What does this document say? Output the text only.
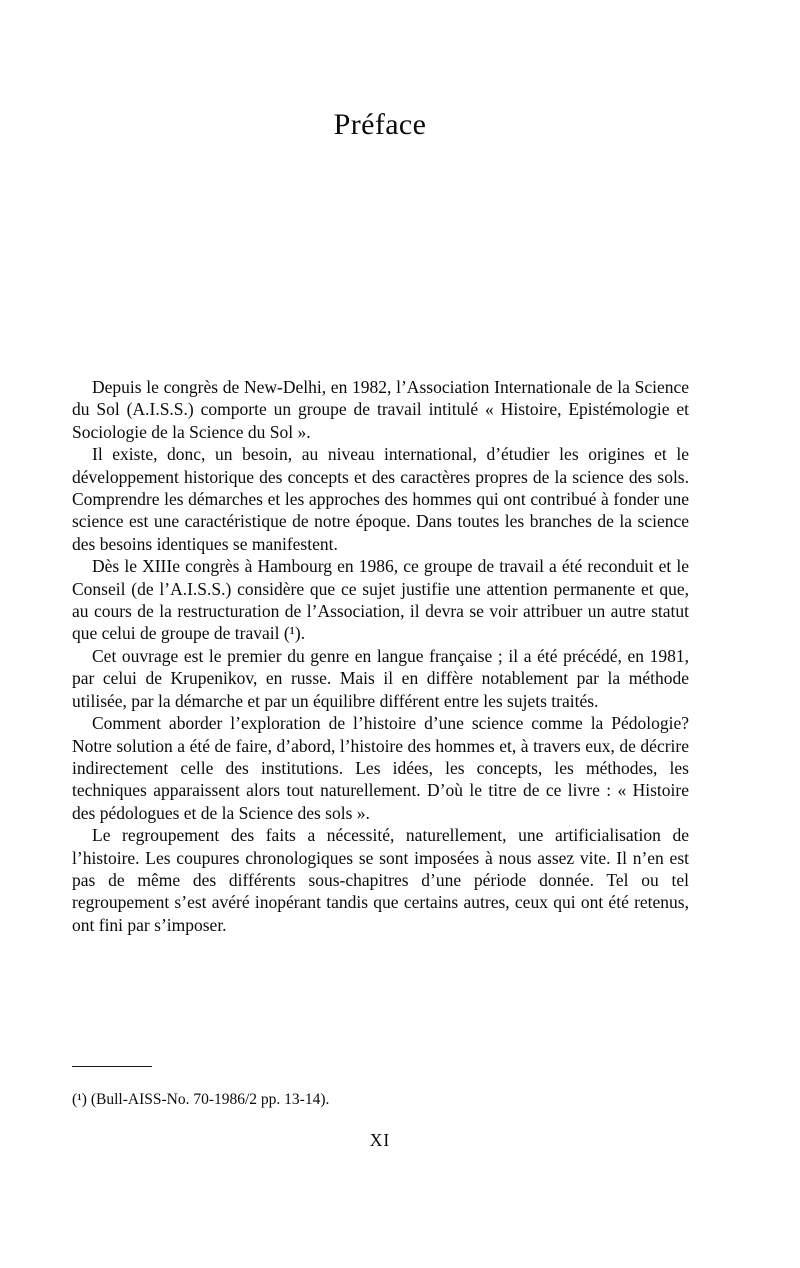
Préface

Depuis le congrès de New-Delhi, en 1982, l’Association Internationale de la Science du Sol (A.I.S.S.) comporte un groupe de travail intitulé « Histoire, Epistémologie et Sociologie de la Science du Sol ».

Il existe, donc, un besoin, au niveau international, d’étudier les origines et le développement historique des concepts et des caractères propres de la science des sols. Comprendre les démarches et les approches des hommes qui ont contribué à fonder une science est une caractéristique de notre époque. Dans toutes les branches de la science des besoins identiques se manifestent.

Dès le XIIIe congrès à Hambourg en 1986, ce groupe de travail a été reconduit et le Conseil (de l’A.I.S.S.) considère que ce sujet justifie une attention permanente et que, au cours de la restructuration de l’Association, il devra se voir attribuer un autre statut que celui de groupe de travail (¹).

Cet ouvrage est le premier du genre en langue française ; il a été précédé, en 1981, par celui de Krupenikov, en russe. Mais il en diffère notablement par la méthode utilisée, par la démarche et par un équilibre différent entre les sujets traités.

Comment aborder l’exploration de l’histoire d’une science comme la Pédologie? Notre solution a été de faire, d’abord, l’histoire des hommes et, à travers eux, de décrire indirectement celle des institutions. Les idées, les concepts, les méthodes, les techniques apparaissent alors tout naturellement. D’où le titre de ce livre : « Histoire des pédologues et de la Science des sols ».

Le regroupement des faits a nécessité, naturellement, une artificialisation de l’histoire. Les coupures chronologiques se sont imposées à nous assez vite. Il n’en est pas de même des différents sous-chapitres d’une période donnée. Tel ou tel regroupement s’est avéré inopérant tandis que certains autres, ceux qui ont été retenus, ont fini par s’imposer.

(¹) (Bull-AISS-No. 70-1986/2 pp. 13-14).

XI
